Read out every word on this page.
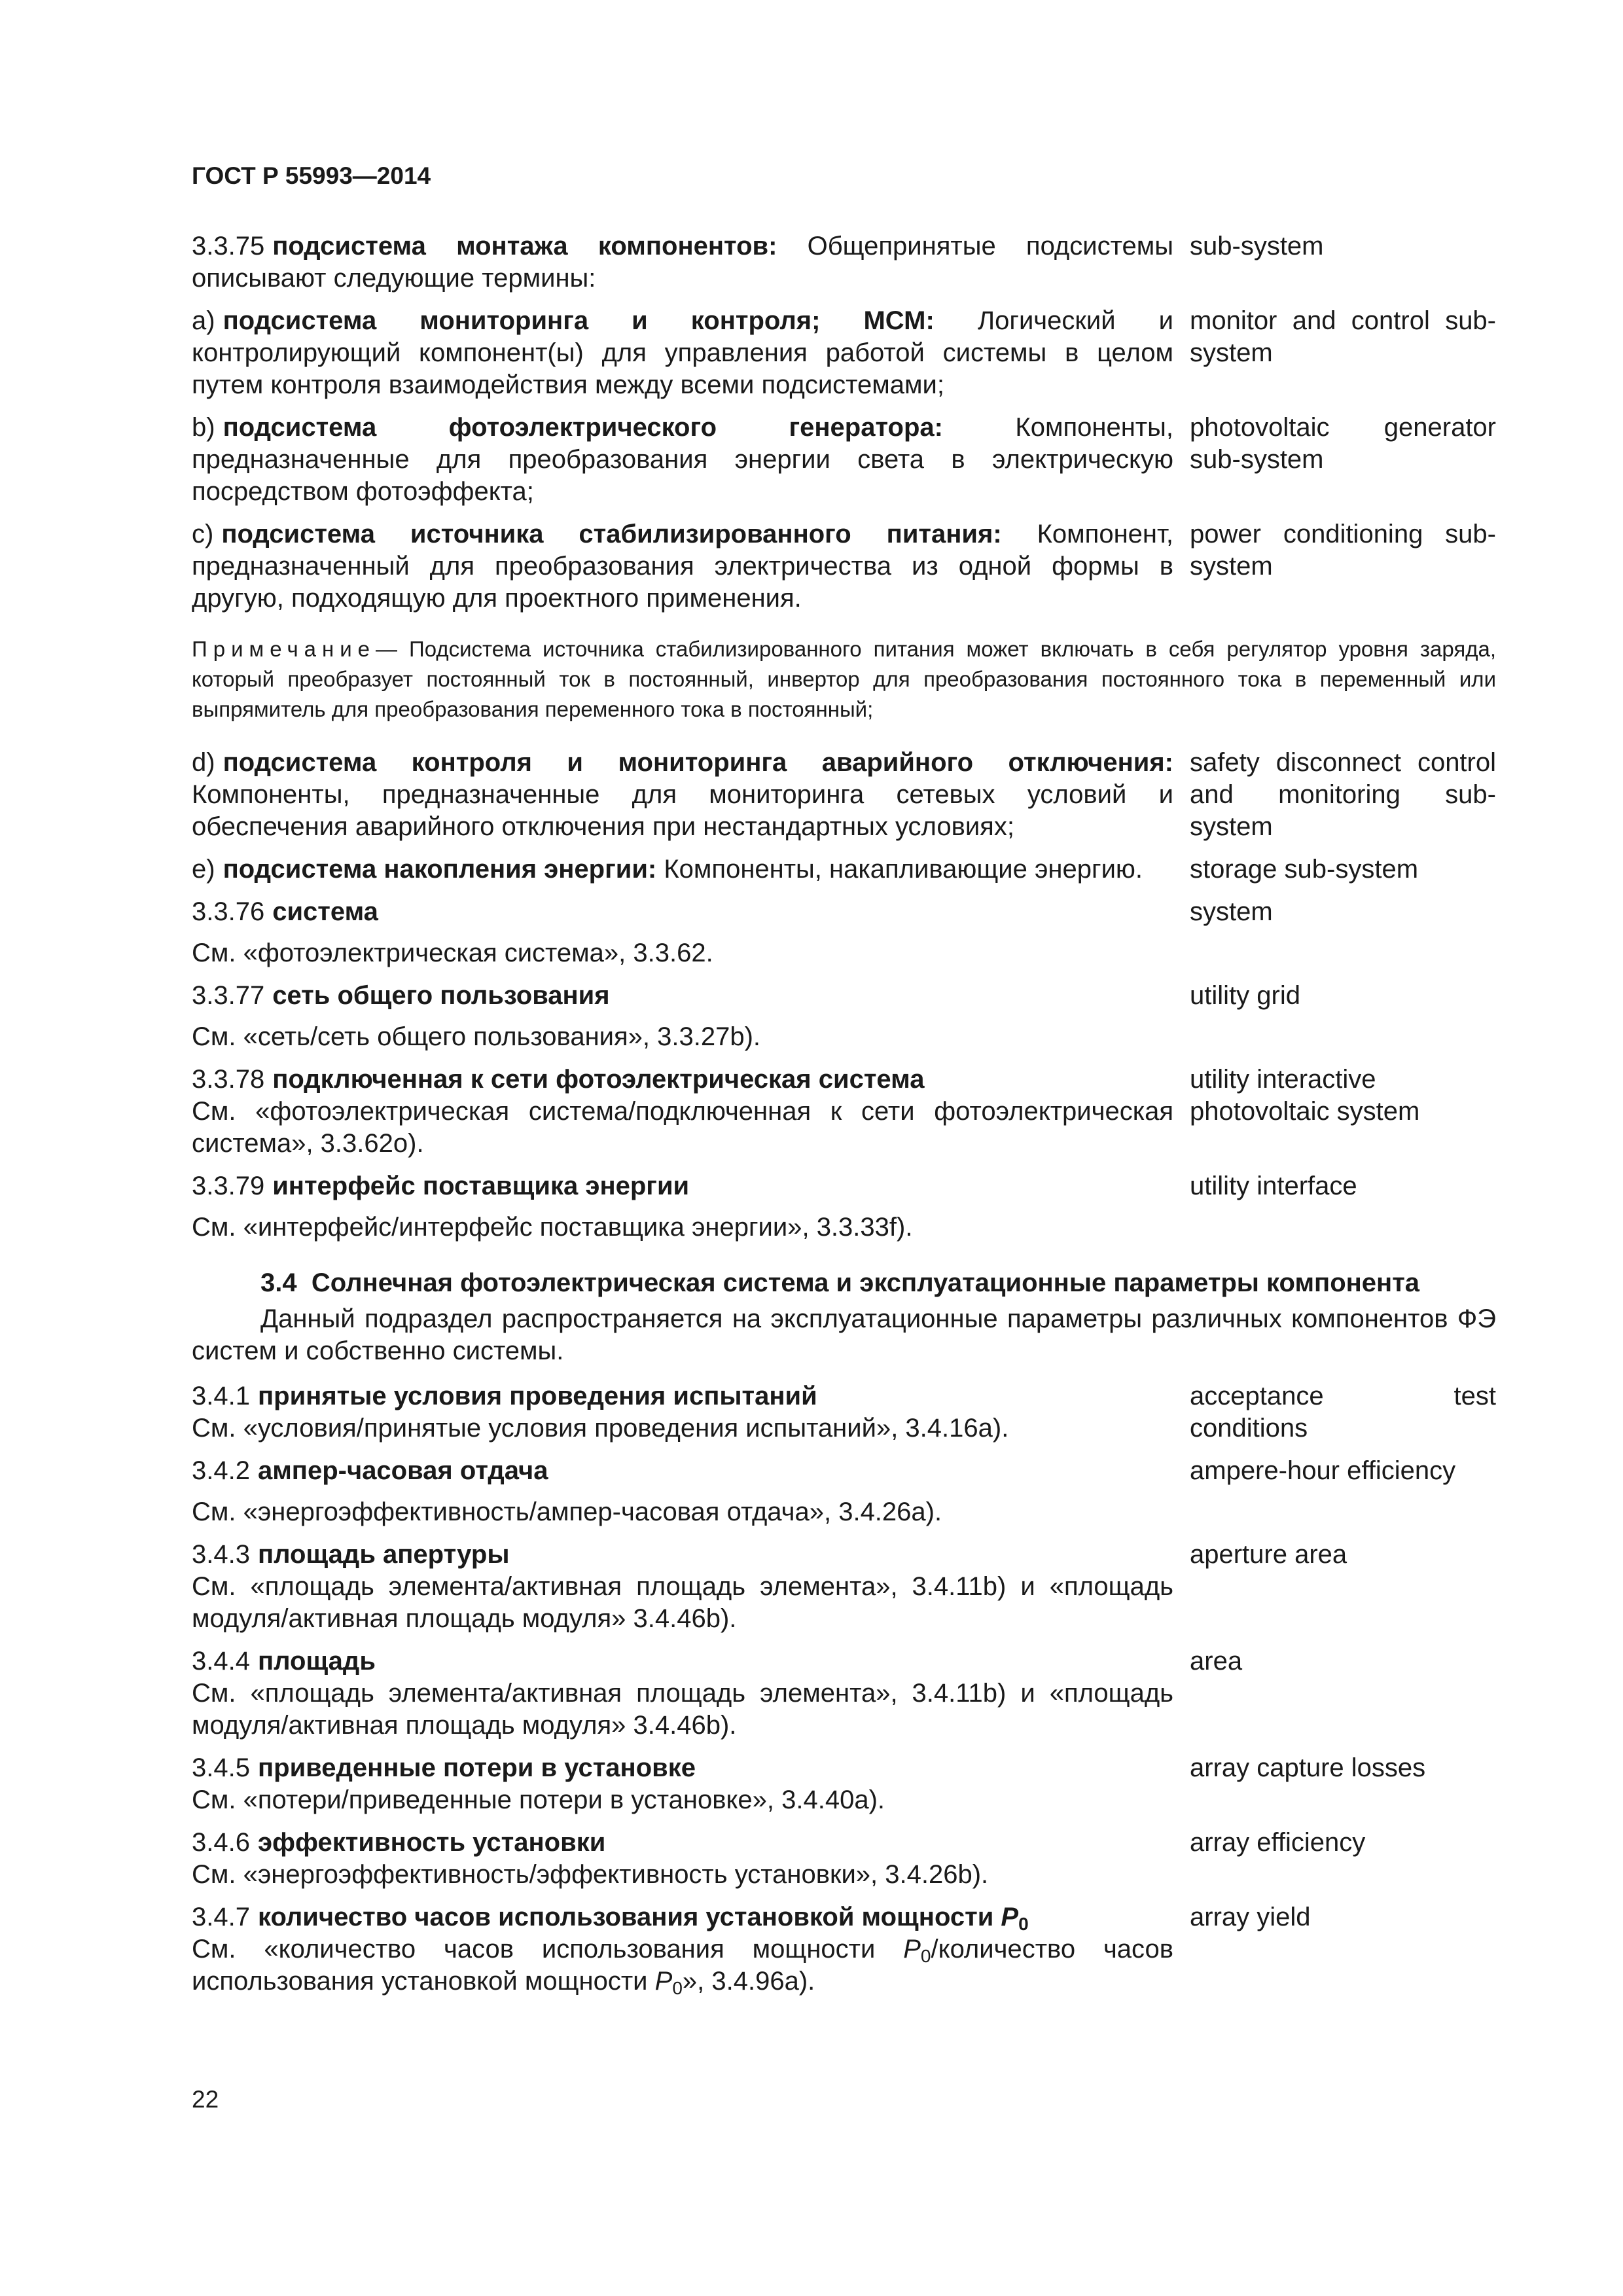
ГОСТ Р 55993—2014
3.3.75 подсистема монтажа компонентов: Общепринятые подсистемы описывают следующие термины:
sub-system
а) подсистема мониторинга и контроля; МСМ: Логический и контролирующий компонент(ы) для управления работой системы в целом путем контроля взаимодействия между всеми подсистемами;
monitor and control sub-system
b) подсистема фотоэлектрического генератора:	Компоненты, предназначенные для преобразования энергии света в электрическую посредством фотоэффекта;
photovoltaic generator sub-system
c) подсистема источника стабилизированного питания: Компонент, предназначенный для преобразования электричества из одной формы в другую, подходящую для проектного применения.
power conditioning sub-system
Примечание— Подсистема источника стабилизированного питания может включать в себя регулятор уровня заряда, который преобразует постоянный ток в постоянный, инвертор для преобразования постоянного тока в переменный или выпрямитель для преобразования переменного тока в постоянный;
d) подсистема контроля и мониторинга аварийного отключения: Компоненты, предназначенные для мониторинга сетевых условий и обеспечения аварийного отключения при нестандартных условиях;
safety disconnect control and monitoring sub-system
e) подсистема накопления энергии: Компоненты, накапливающие энергию.	storage sub-system
3.3.76 система
См. «фотоэлектрическая система», 3.3.62.
system
3.3.77 сеть общего пользования
См. «сеть/сеть общего пользования», 3.3.27b).
utility grid
3.3.78 подключенная к сети фотоэлектрическая система
См. «фотоэлектрическая система/подключенная к сети фотоэлектрическая система», 3.3.62o).
utility interactive photovoltaic system
3.3.79 интерфейс поставщика энергии
См. «интерфейс/интерфейс поставщика энергии», 3.3.33f).
utility interface
3.4 Солнечная фотоэлектрическая система и эксплуатационные параметры компонента
Данный подраздел распространяется на эксплуатационные параметры различных компонентов ФЭ систем и собственно системы.
3.4.1 принятые условия проведения испытаний
См. «условия/принятые условия проведения испытаний», 3.4.16a).
acceptance test conditions
3.4.2 ампер-часовая отдача
См. «энергоэффективность/ампер-часовая отдача», 3.4.26a).
ampere-hour efficiency
3.4.3 площадь апертуры
См. «площадь элемента/активная площадь элемента», 3.4.11b) и «площадь модуля/активная площадь модуля» 3.4.46b).
aperture area
3.4.4 площадь
См. «площадь элемента/активная площадь элемента», 3.4.11b) и «площадь модуля/активная площадь модуля» 3.4.46b).
area
3.4.5 приведенные потери в установке
См. «потери/приведенные потери в установке», 3.4.40a).
array capture losses
3.4.6 эффективность установки
См. «энергоэффективность/эффективность установки», 3.4.26b).
array efficiency
3.4.7 количество часов использования установкой мощности $P_0$
См. «количество часов использования мощности $P_0$/количество часов использования установкой мощности $P_0$», 3.4.96a).
array yield
22
